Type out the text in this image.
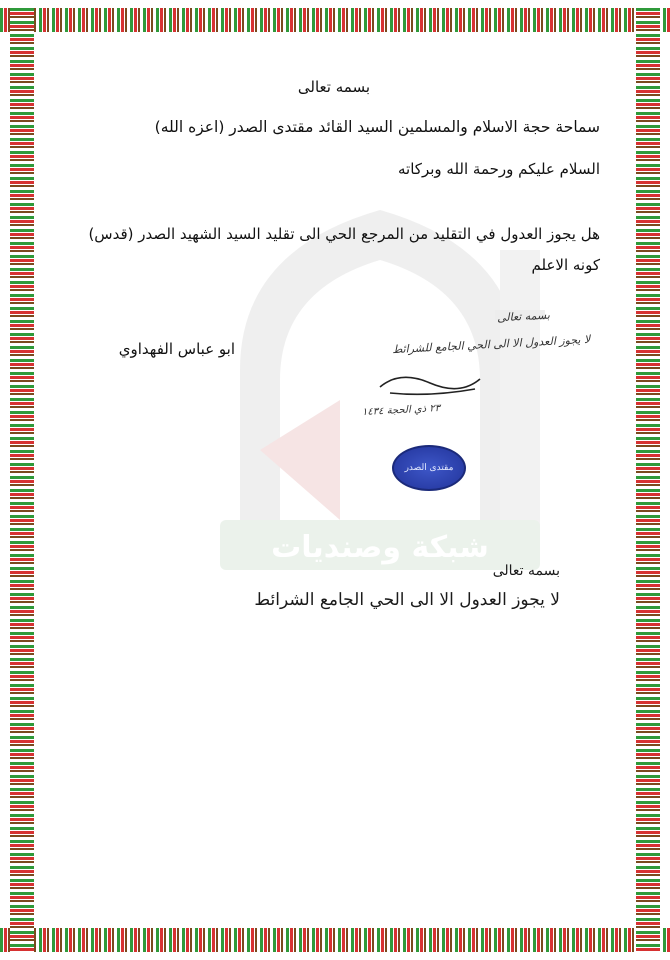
شبكة وصنديات
بسمه تعالى
سماحة حجة الاسلام والمسلمين السيد القائد مقتدى الصدر (اعزه الله)
السلام عليكم ورحمة الله وبركاته
هل يجوز العدول في التقليد من المرجع الحي الى تقليد السيد الشهيد الصدر (قدس)
كونه الاعلم
ابو عباس الفهداوي
بسمه تعالى
لا يجوز العدول الا الى الحي الجامع للشرائط
٢٣ ذي الحجة ١٤٣٤
مقتدى الصدر
بسمه تعالى
لا يجوز العدول الا الى الحي الجامع الشرائط
